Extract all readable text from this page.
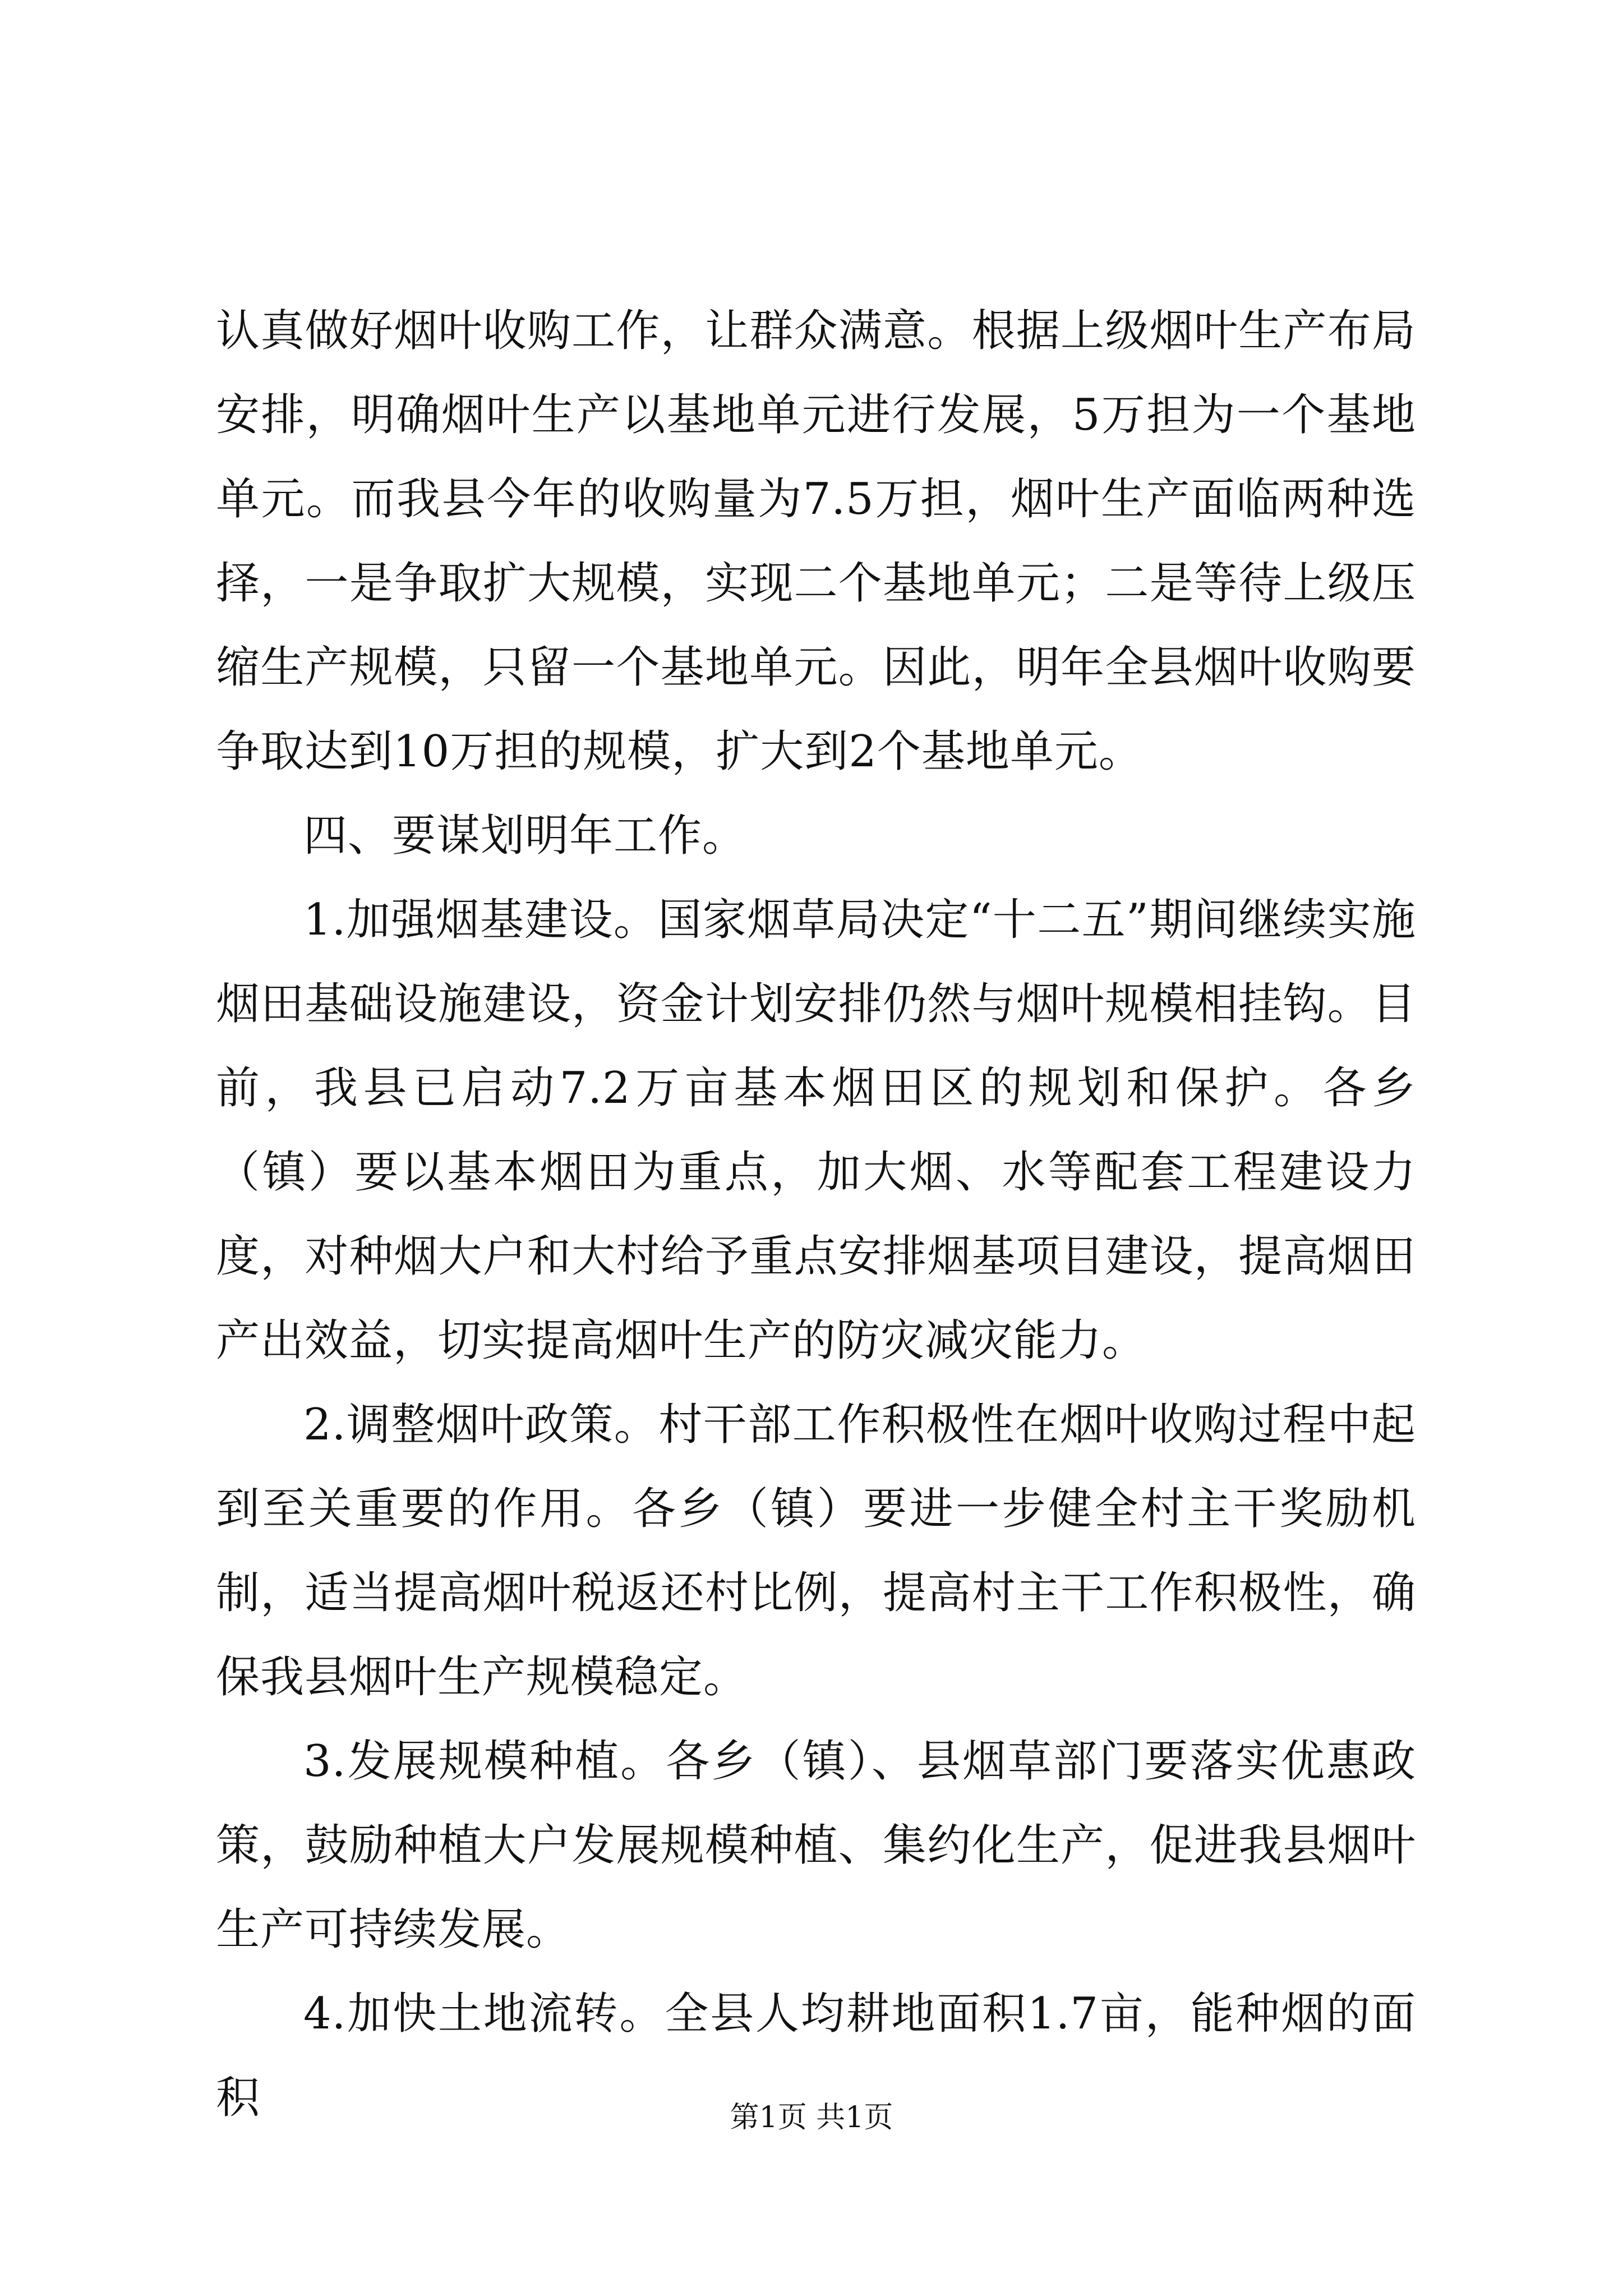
认真做好烟叶收购工作，让群众满意。根据上级烟叶生产布局安排，明确烟叶生产以基地单元进行发展，5万担为一个基地单元。而我县今年的收购量为7.5万担，烟叶生产面临两种选择，一是争取扩大规模，实现二个基地单元；二是等待上级压缩生产规模，只留一个基地单元。因此，明年全县烟叶收购要争取达到10万担的规模，扩大到2个基地单元。

四、要谋划明年工作。

1.加强烟基建设。国家烟草局决定“十二五”期间继续实施烟田基础设施建设，资金计划安排仍然与烟叶规模相挂钩。目前，我县已启动7.2万亩基本烟田区的规划和保护。各乡（镇）要以基本烟田为重点，加大烟、水等配套工程建设力度，对种烟大户和大村给予重点安排烟基项目建设，提高烟田产出效益，切实提高烟叶生产的防灾减灾能力。

2.调整烟叶政策。村干部工作积极性在烟叶收购过程中起到至关重要的作用。各乡（镇）要进一步健全村主干奖励机制，适当提高烟叶税返还村比例，提高村主干工作积极性，确保我县烟叶生产规模稳定。

3.发展规模种植。各乡（镇）、县烟草部门要落实优惠政策，鼓励种植大户发展规模种植、集约化生产，促进我县烟叶生产可持续发展。

4.加快土地流转。全县人均耕地面积1.7亩，能种烟的面积	第1页 共1页
